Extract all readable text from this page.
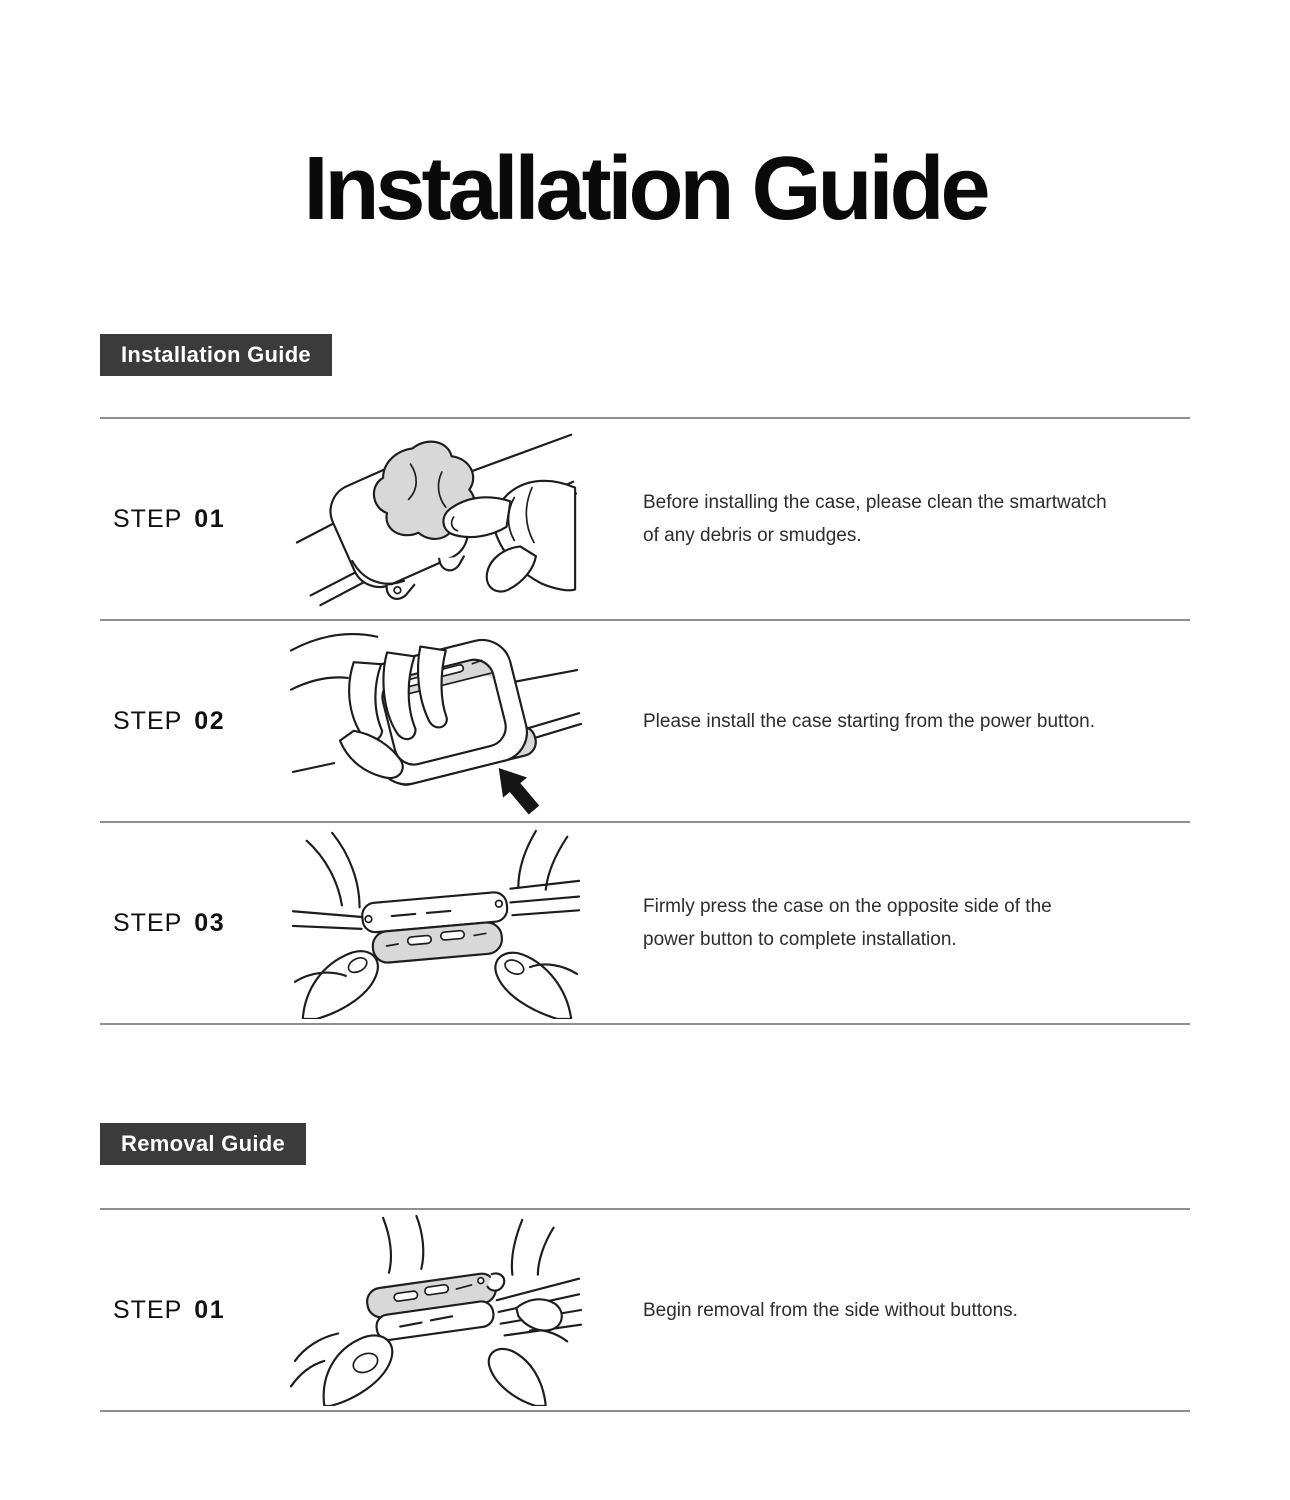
Installation Guide
Installation Guide
STEP 01

Before installing the case, please clean the smartwatch
of any debris or smudges.

STEP 02	Please install the case starting from the power button.

STEP 03

Firmly press the case on the opposite side of the
power button to complete installation.

Removal Guide
STEP 01	Begin removal from the side without buttons.
